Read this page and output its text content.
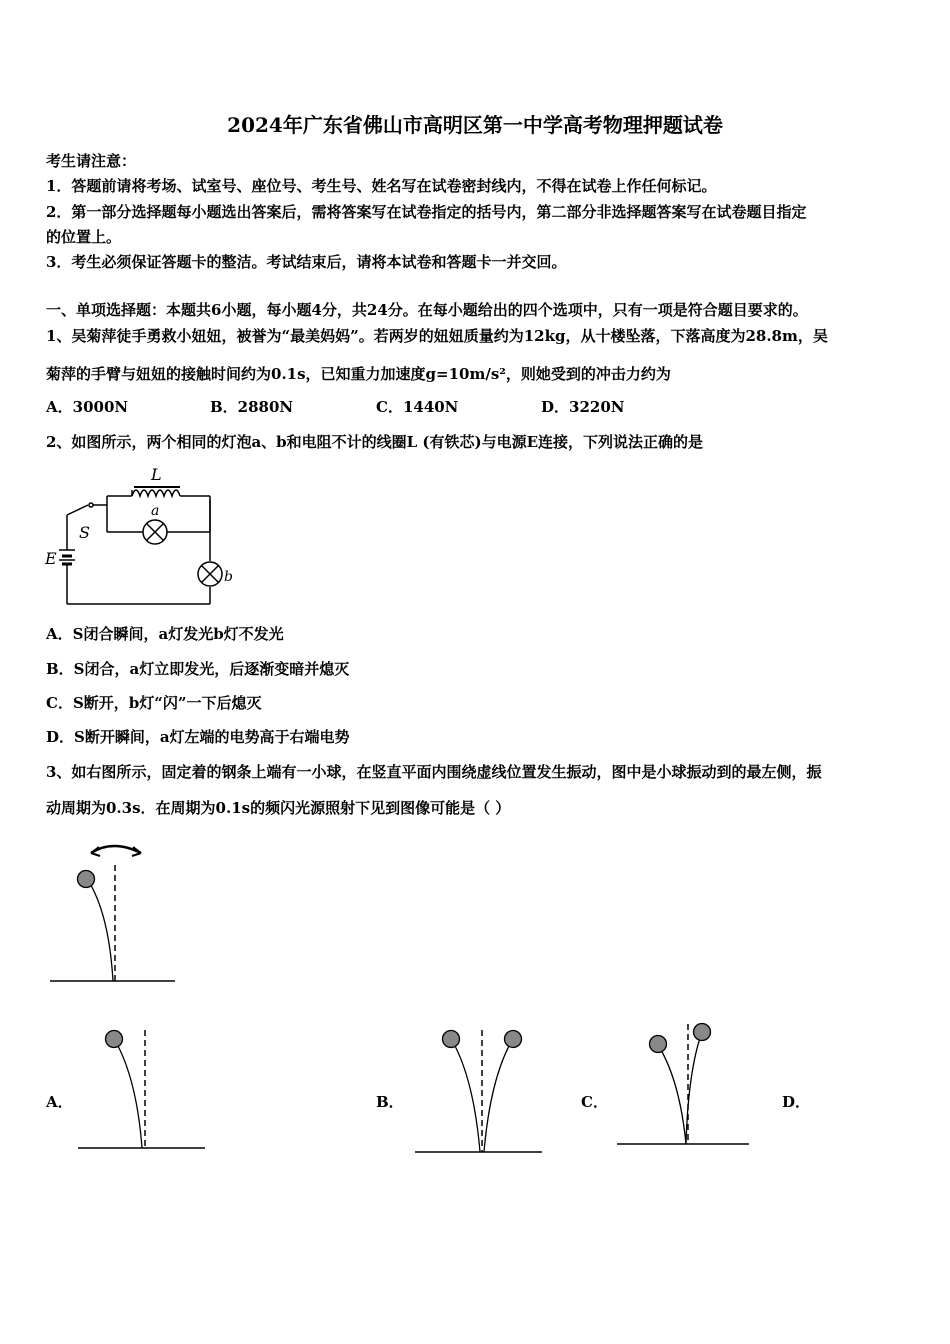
2024年广东省佛山市高明区第一中学高考物理押题试卷
考生请注意：
1．答题前请将考场、试室号、座位号、考生号、姓名写在试卷密封线内，不得在试卷上作任何标记。
2．第一部分选择题每小题选出答案后，需将答案写在试卷指定的括号内，第二部分非选择题答案写在试卷题目指定
的位置上。
3．考生必须保证答题卡的整洁。考试结束后，请将本试卷和答题卡一并交回。
一、单项选择题：本题共6小题，每小题4分，共24分。在每小题给出的四个选项中，只有一项是符合题目要求的。
1、吴菊萍徒手勇救小妞妞，被誉为“最美妈妈”。若两岁的妞妞质量约为12kg，从十楼坠落，下落高度为28.8m，吴
菊萍的手臂与妞妞的接触时间约为0.1s，已知重力加速度g=10m/s²，则她受到的冲击力约为
A．3000N	B．2880N	C．1440N	D．3220N
2、如图所示，两个相同的灯泡a、b和电阻不计的线圈L (有铁芯)与电源E连接，下列说法正确的是
L
a
S
E
b
A．S闭合瞬间，a灯发光b灯不发光
B．S闭合，a灯立即发光，后逐渐变暗并熄灭
C．S断开，b灯“闪”一下后熄灭
D．S断开瞬间，a灯左端的电势高于右端电势
3、如右图所示，固定着的钢条上端有一小球，在竖直平面内围绕虚线位置发生振动，图中是小球振动到的最左侧，振
动周期为0.3s．在周期为0.1s的频闪光源照射下见到图像可能是（ ）
A．	B．	C．	D．
